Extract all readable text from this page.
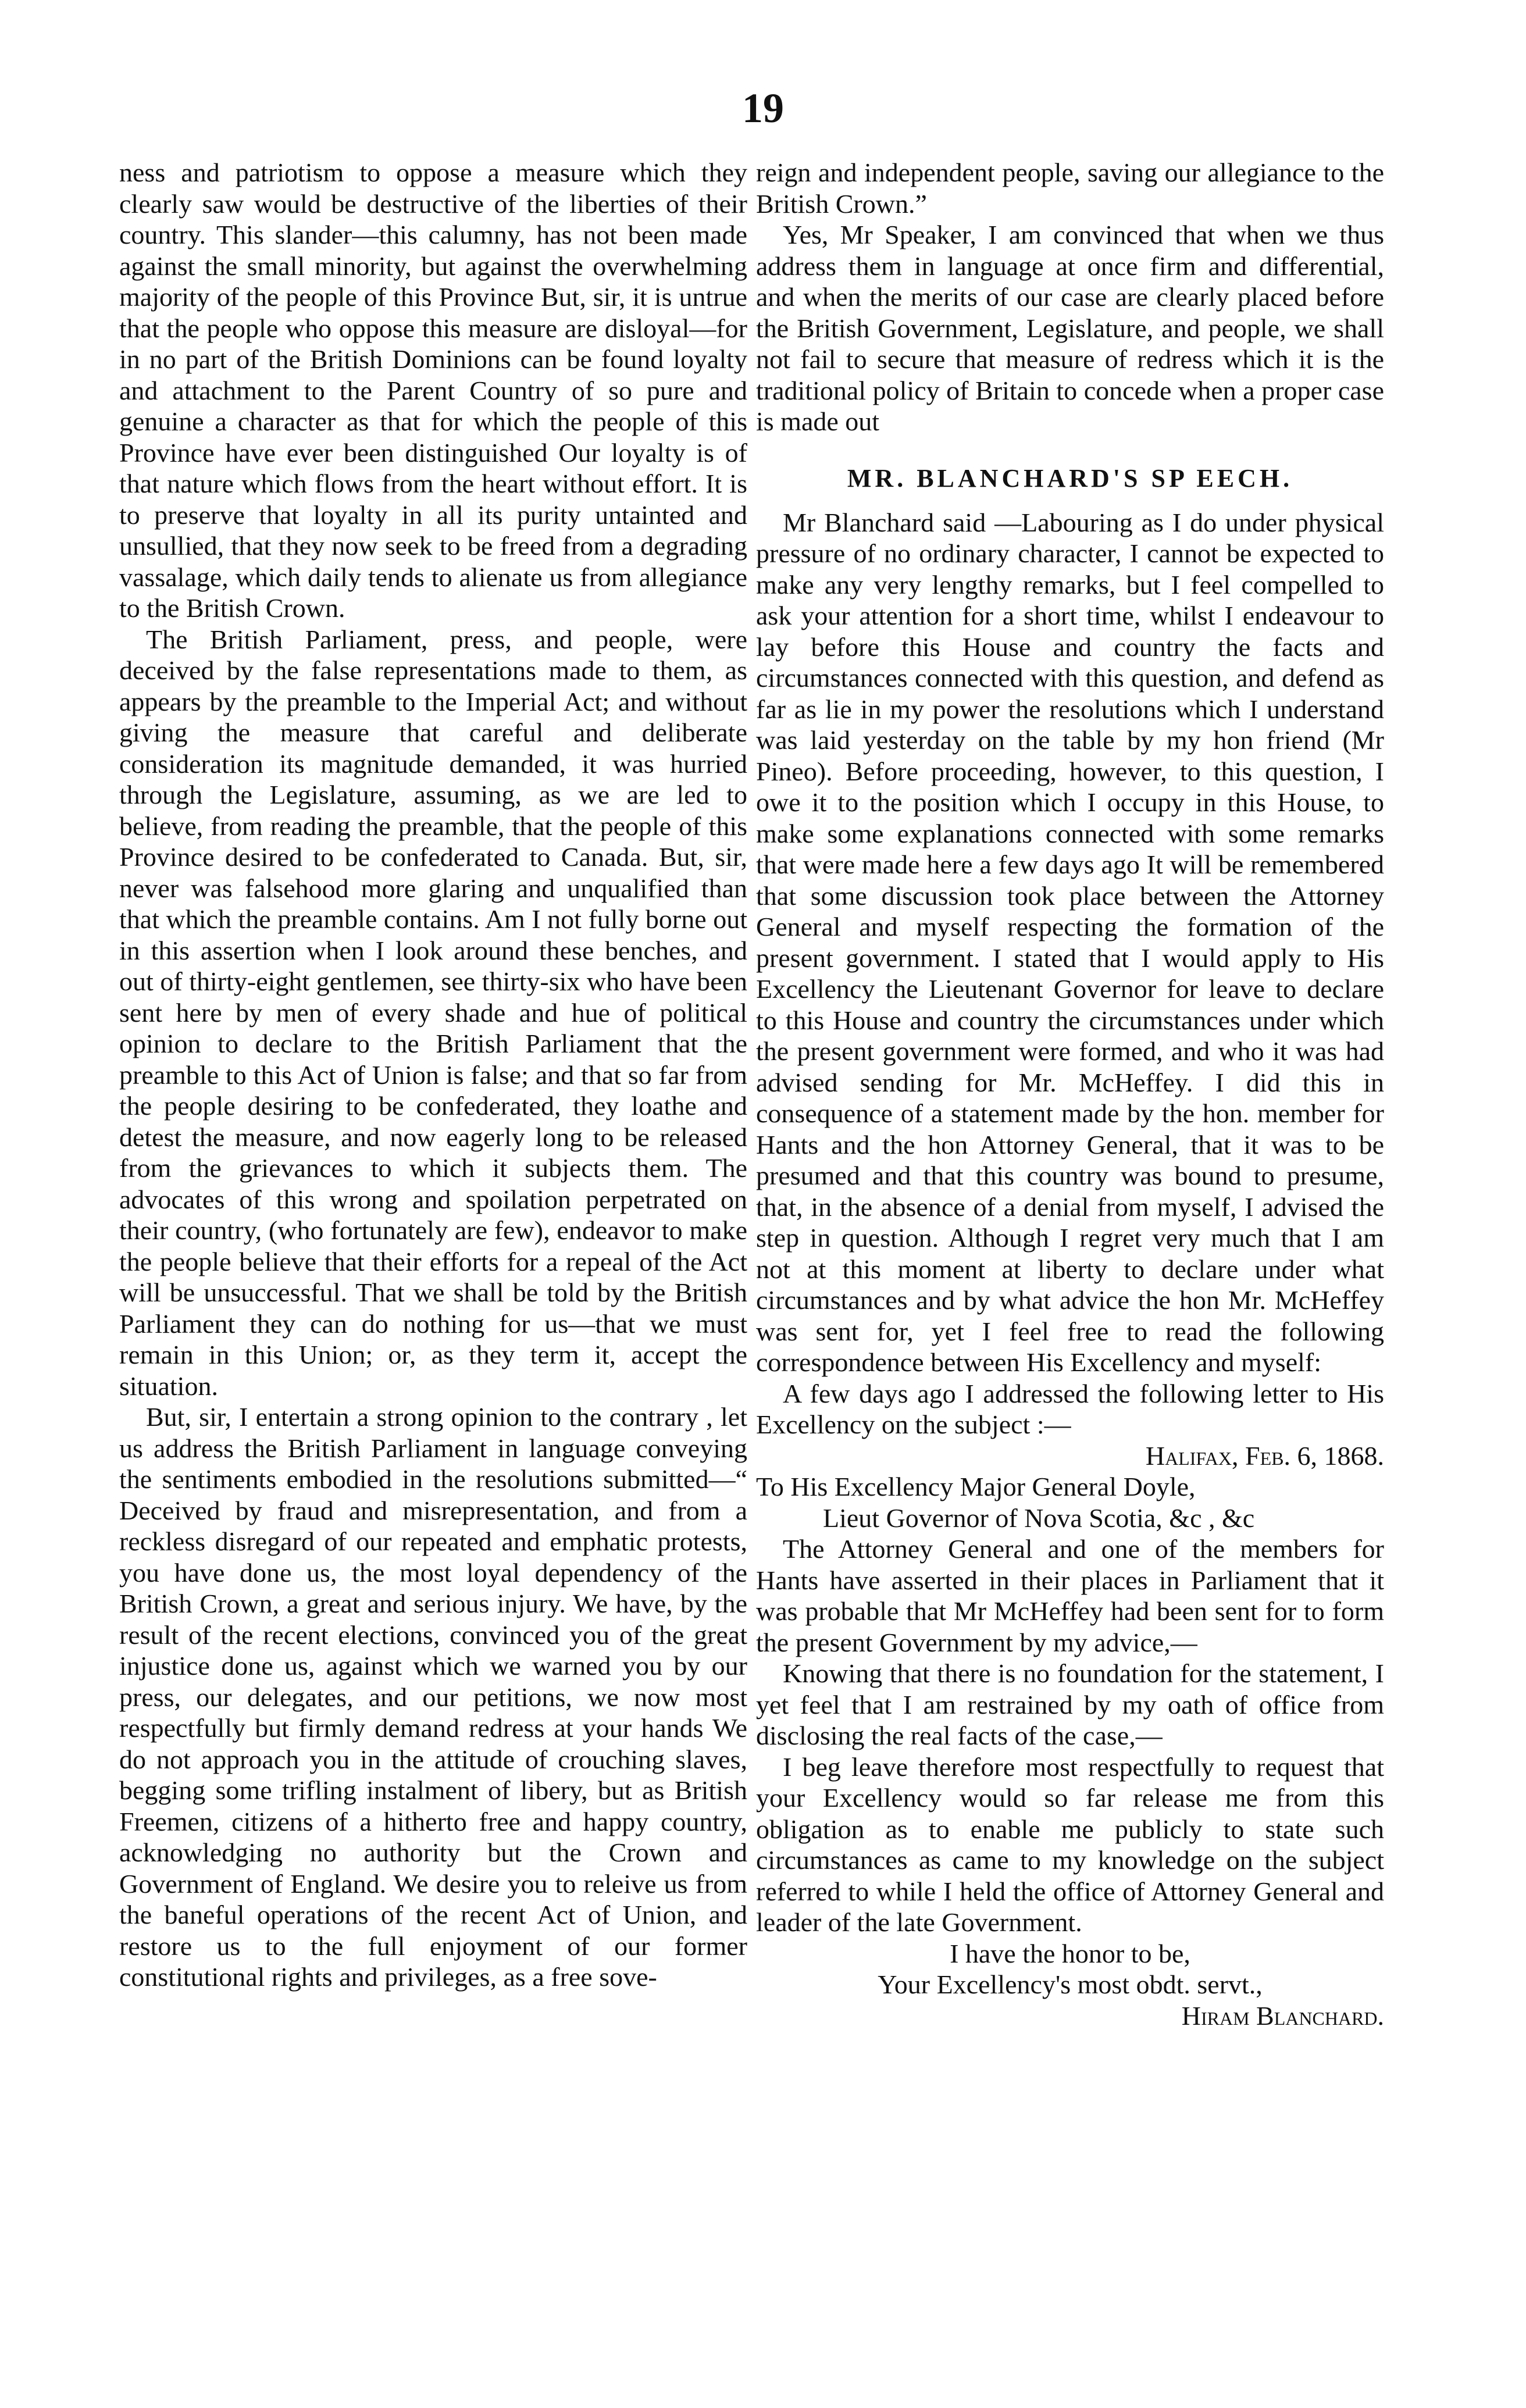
19

ness and patriotism to oppose a measure which they clearly saw would be destructive of the liberties of their country. This slander—this calumny, has not been made against the small minority, but against the overwhelming majority of the people of this Province But, sir, it is untrue that the people who oppose this measure are disloyal—for in no part of the British Dominions can be found loyalty and attachment to the Parent Country of so pure and genuine a character as that for which the people of this Province have ever been distinguished Our loyalty is of that nature which flows from the heart without effort. It is to preserve that loyalty in all its purity untainted and unsullied, that they now seek to be freed from a degrading vassalage, which daily tends to alienate us from allegiance to the British Crown.

The British Parliament, press, and people, were deceived by the false representations made to them, as appears by the preamble to the Imperial Act; and without giving the measure that careful and deliberate consideration its magnitude demanded, it was hurried through the Legislature, assuming, as we are led to believe, from reading the preamble, that the people of this Province desired to be confederated to Canada. But, sir, never was falsehood more glaring and unqualified than that which the preamble contains. Am I not fully borne out in this assertion when I look around these benches, and out of thirty-eight gentlemen, see thirty-six who have been sent here by men of every shade and hue of political opinion to declare to the British Parliament that the preamble to this Act of Union is false; and that so far from the people desiring to be confederated, they loathe and detest the measure, and now eagerly long to be released from the grievances to which it subjects them. The advocates of this wrong and spoilation perpetrated on their country, (who fortunately are few), endeavor to make the people believe that their efforts for a repeal of the Act will be unsuccessful. That we shall be told by the British Parliament they can do nothing for us—that we must remain in this Union; or, as they term it, accept the situation.

But, sir, I entertain a strong opinion to the contrary , let us address the British Parliament in language conveying the sentiments embodied in the resolutions submitted—“ Deceived by fraud and misrepresentation, and from a reckless disregard of our repeated and emphatic protests, you have done us, the most loyal dependency of the British Crown, a great and serious injury. We have, by the result of the recent elections, convinced you of the great injustice done us, against which we warned you by our press, our delegates, and our petitions, we now most respectfully but firmly demand redress at your hands We do not approach you in the attitude of crouching slaves, begging some trifling instalment of libery, but as British Freemen, citizens of a hitherto free and happy country, acknowledging no authority but the Crown and Government of England. We desire you to releive us from the baneful operations of the recent Act of Union, and restore us to the full enjoyment of our former constitutional rights and privileges, as a free sove-

reign and independent people, saving our allegiance to the British Crown.”

Yes, Mr Speaker, I am convinced that when we thus address them in language at once firm and differential, and when the merits of our case are clearly placed before the British Government, Legislature, and people, we shall not fail to secure that measure of redress which it is the traditional policy of Britain to concede when a proper case is made out

MR. BLANCHARD'S SP EECH.

Mr Blanchard said —Labouring as I do under physical pressure of no ordinary character, I cannot be expected to make any very lengthy remarks, but I feel compelled to ask your attention for a short time, whilst I endeavour to lay before this House and country the facts and circumstances connected with this question, and defend as far as lie in my power the resolutions which I understand was laid yesterday on the table by my hon friend (Mr Pineo). Before proceeding, however, to this question, I owe it to the position which I occupy in this House, to make some explanations connected with some remarks that were made here a few days ago It will be remembered that some discussion took place between the Attorney General and myself respecting the formation of the present government. I stated that I would apply to His Excellency the Lieutenant Governor for leave to declare to this House and country the circumstances under which the present government were formed, and who it was had advised sending for Mr. McHeffey. I did this in consequence of a statement made by the hon. member for Hants and the hon Attorney General, that it was to be presumed and that this country was bound to presume, that, in the absence of a denial from myself, I advised the step in question. Although I regret very much that I am not at this moment at liberty to declare under what circumstances and by what advice the hon Mr. McHeffey was sent for, yet I feel free to read the following correspondence between His Excellency and myself:

A few days ago I addressed the following letter to His Excellency on the subject :—

Halifax, Feb. 6, 1868.

To His Excellency Major General Doyle,
Lieut Governor of Nova Scotia, &c , &c

The Attorney General and one of the members for Hants have asserted in their places in Parliament that it was probable that Mr McHeffey had been sent for to form the present Government by my advice,—

Knowing that there is no foundation for the statement, I yet feel that I am restrained by my oath of office from disclosing the real facts of the case,—

I beg leave therefore most respectfully to request that your Excellency would so far release me from this obligation as to enable me publicly to state such circumstances as came to my knowledge on the subject referred to while I held the office of Attorney General and leader of the late Government.

I have the honor to be,

Your Excellency's most obdt. servt.,

Hiram Blanchard.
